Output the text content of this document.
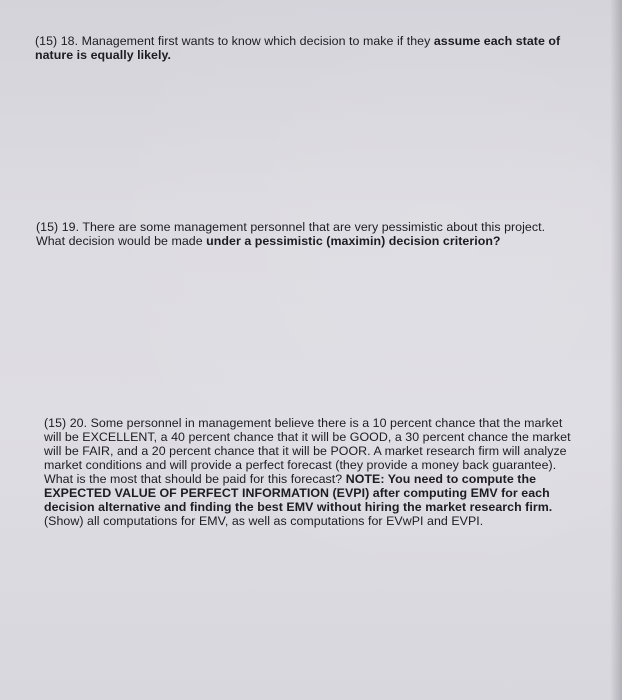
(15) 18. Management first wants to know which decision to make if they assume each state of
nature is equally likely.
(15) 19. There are some management personnel that are very pessimistic about this project.
What decision would be made under a pessimistic (maximin) decision criterion?
(15) 20. Some personnel in management believe there is a 10 percent chance that the market
will be EXCELLENT, a 40 percent chance that it will be GOOD, a 30 percent chance the market
will be FAIR, and a 20 percent chance that it will be POOR. A market research firm will analyze
market conditions and will provide a perfect forecast (they provide a money back guarantee).
What is the most that should be paid for this forecast? NOTE: You need to compute the
EXPECTED VALUE OF PERFECT INFORMATION (EVPI) after computing EMV for each
decision alternative and finding the best EMV without hiring the market research firm.
(Show) all computations for EMV, as well as computations for EVwPI and EVPI.
